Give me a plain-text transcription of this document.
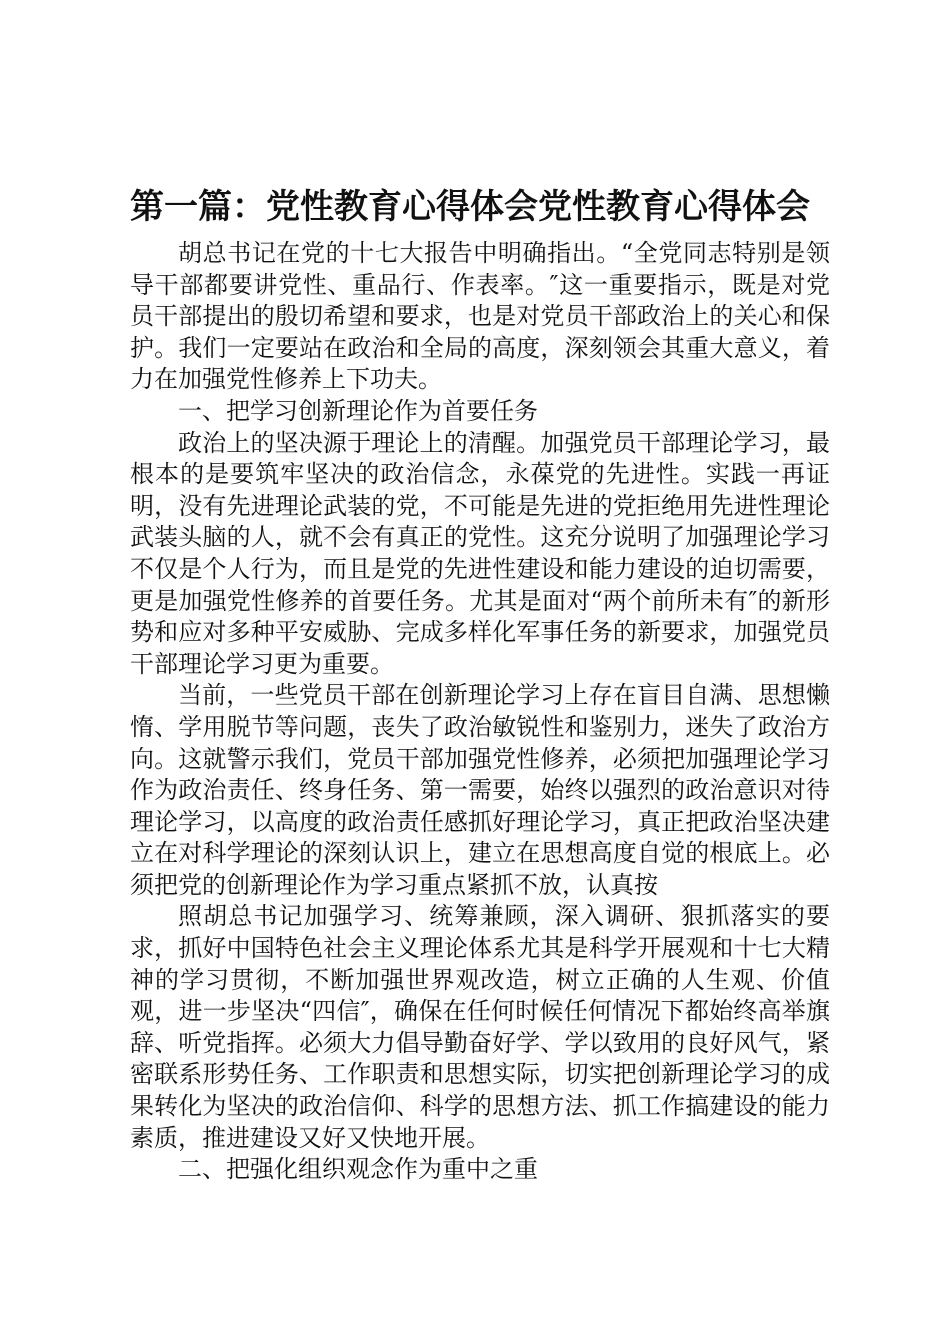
第一篇：党性教育心得体会党性教育心得体会

胡总书记在党的十七大报告中明确指出。“全党同志特别是领导干部都要讲党性、重品行、作表率。″这一重要指示，既是对党员干部提出的殷切希望和要求，也是对党员干部政治上的关心和保护。我们一定要站在政治和全局的高度，深刻领会其重大意义，着力在加强党性修养上下功夫。

一、把学习创新理论作为首要任务

政治上的坚决源于理论上的清醒。加强党员干部理论学习，最根本的是要筑牢坚决的政治信念，永葆党的先进性。实践一再证明，没有先进理论武装的党，不可能是先进的党拒绝用先进性理论武装头脑的人，就不会有真正的党性。这充分说明了加强理论学习不仅是个人行为，而且是党的先进性建设和能力建设的迫切需要，更是加强党性修养的首要任务。尤其是面对“两个前所未有″的新形势和应对多种平安威胁、完成多样化军事任务的新要求，加强党员干部理论学习更为重要。

当前，一些党员干部在创新理论学习上存在盲目自满、思想懒惰、学用脱节等问题，丧失了政治敏锐性和鉴别力，迷失了政治方向。这就警示我们，党员干部加强党性修养，必须把加强理论学习作为政治责任、终身任务、第一需要，始终以强烈的政治意识对待理论学习，以高度的政治责任感抓好理论学习，真正把政治坚决建立在对科学理论的深刻认识上，建立在思想高度自觉的根底上。必须把党的创新理论作为学习重点紧抓不放，认真按

照胡总书记加强学习、统筹兼顾，深入调研、狠抓落实的要求，抓好中国特色社会主义理论体系尤其是科学开展观和十七大精神的学习贯彻，不断加强世界观改造，树立正确的人生观、价值观，进一步坚决“四信″，确保在任何时候任何情况下都始终高举旗辞、听党指挥。必须大力倡导勤奋好学、学以致用的良好风气，紧密联系形势任务、工作职责和思想实际，切实把创新理论学习的成果转化为坚决的政治信仰、科学的思想方法、抓工作搞建设的能力素质，推进建设又好又快地开展。

二、把强化组织观念作为重中之重
